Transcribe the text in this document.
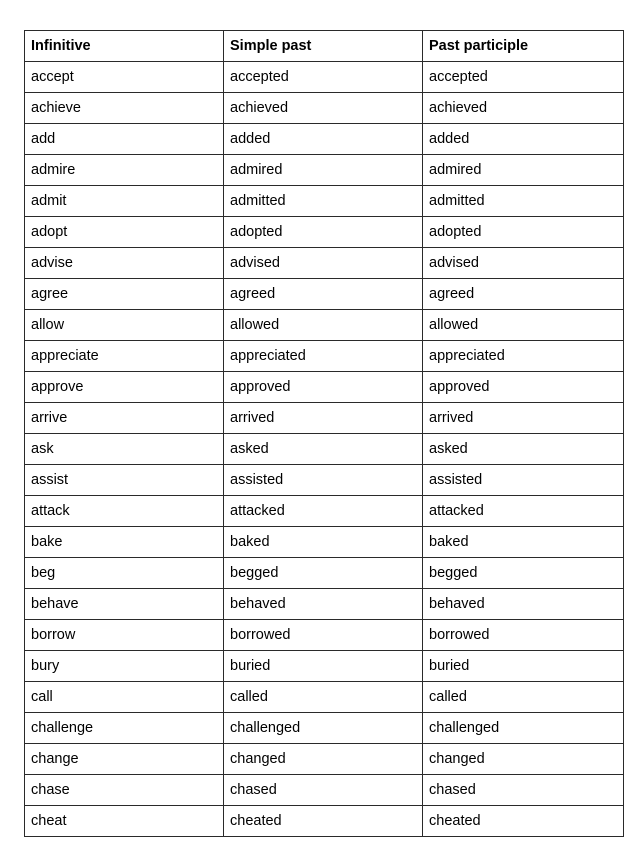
Infinitive	Simple past	Past participle
accept	accepted	accepted
achieve	achieved	achieved
add	added	added
admire	admired	admired
admit	admitted	admitted
adopt	adopted	adopted
advise	advised	advised
agree	agreed	agreed
allow	allowed	allowed
appreciate	appreciated	appreciated
approve	approved	approved
arrive	arrived	arrived
ask	asked	asked
assist	assisted	assisted
attack	attacked	attacked
bake	baked	baked
beg	begged	begged
behave	behaved	behaved
borrow	borrowed	borrowed
bury	buried	buried
call	called	called
challenge	challenged	challenged
change	changed	changed
chase	chased	chased
cheat	cheated	cheated
